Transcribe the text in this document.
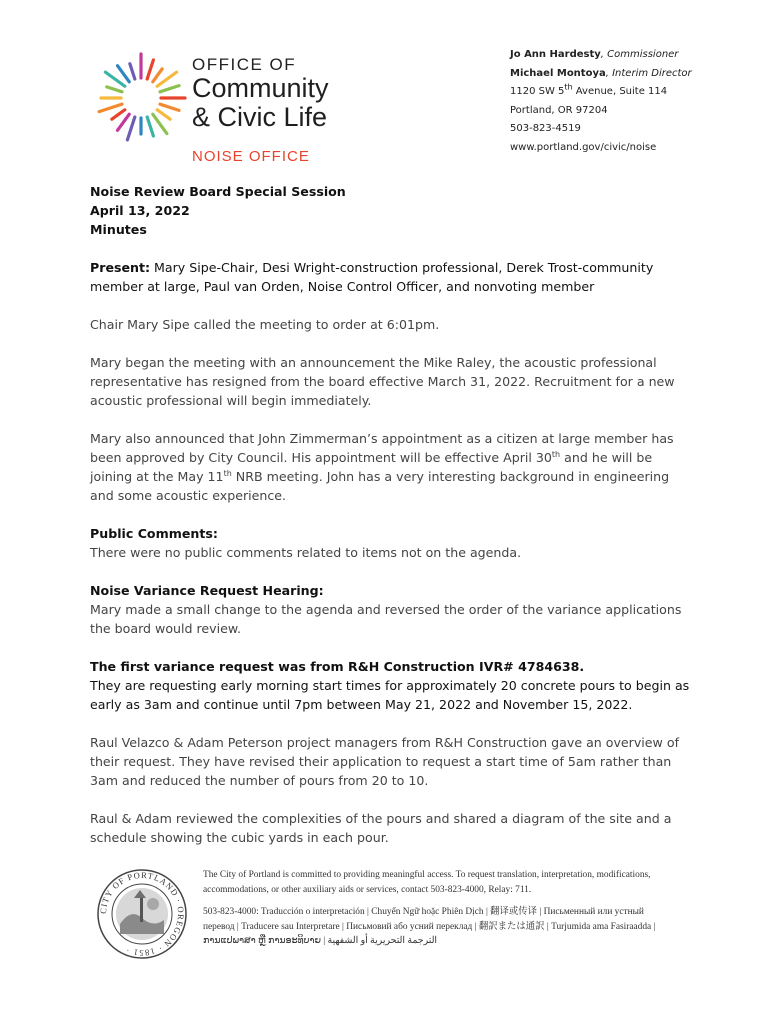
OFFICE OF
Community
& Civic Life
NOISE OFFICE
Jo Ann Hardesty, Commissioner
Michael Montoya, Interim Director
1120 SW 5th Avenue, Suite 114
Portland, OR 97204
503-823-4519
www.portland.gov/civic/noise

Noise Review Board Special Session

April 13, 2022

Minutes

Present: Mary Sipe-Chair, Desi Wright-construction professional, Derek Trost-community member at large, Paul van Orden, Noise Control Officer, and nonvoting member

Chair Mary Sipe called the meeting to order at 6:01pm.

Mary began the meeting with an announcement the Mike Raley, the acoustic professional representative has resigned from the board effective March 31, 2022. Recruitment for a new acoustic professional will begin immediately.

Mary also announced that John Zimmerman’s appointment as a citizen at large member has been approved by City Council. His appointment will be effective April 30th and he will be joining at the May 11th NRB meeting. John has a very interesting background in engineering and some acoustic experience.

Public Comments:

There were no public comments related to items not on the agenda.

Noise Variance Request Hearing:

Mary made a small change to the agenda and reversed the order of the variance applications the board would review.

The first variance request was from R&H Construction IVR# 4784638.

They are requesting early morning start times for approximately 20 concrete pours to begin as early as 3am and continue until 7pm between May 21, 2022 and November 15, 2022.

Raul Velazco & Adam Peterson project managers from R&H Construction gave an overview of their request. They have revised their application to request a start time of 5am rather than 3am and reduced the number of pours from 20 to 10.

Raul & Adam reviewed the complexities of the pours and shared a diagram of the site and a schedule showing the cubic yards in each pour.

CITY OF PORTLAND · OREGON · 1851 ·

The City of Portland is committed to providing meaningful access. To request translation, interpretation, modifications, accommodations, or other auxiliary aids or services, contact 503-823-4000, Relay: 711.

503-823-4000: Traducción o interpretación | Chuyển Ngữ hoặc Phiên Dịch | 翻译或传译 | Письменный или устный перевод | Traducere sau Interpretare | Письмовий або усний переклад | 翻訳または通訳 | Turjumida ama Fasiraadda | ການແປພາສາ ຫຼື ການອະທິບາຍ | الترجمة التحريرية أو الشفهية
